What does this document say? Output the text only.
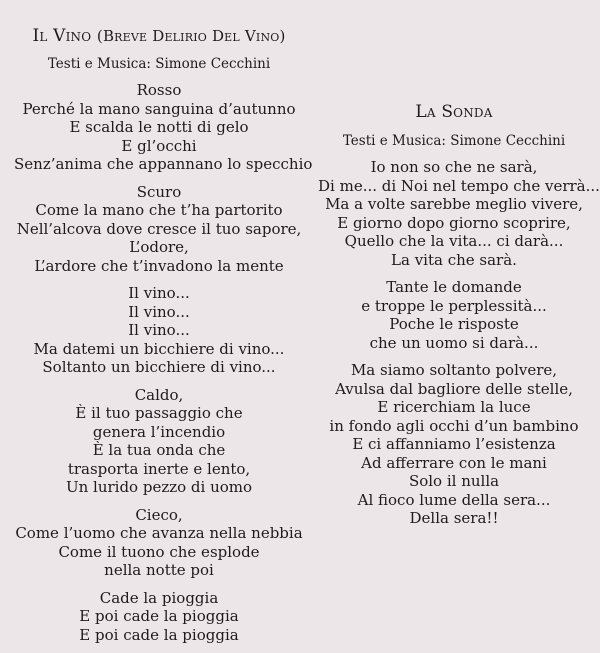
Il Vino (Breve Delirio Del Vino)
Testi e Musica: Simone Cecchini
Rosso
Perché la mano sanguina d’autunno
E scalda le notti di gelo
E gl’occhi
Senz’anima che appannano lo specchio
Scuro
Come la mano che t’ha partorito
Nell’alcova dove cresce il tuo sapore,
L’odore,
L’ardore che t’invadono la mente
Il vino...
Il vino...
Il vino...
Ma datemi un bicchiere di vino...
Soltanto un bicchiere di vino...
Caldo,
È il tuo passaggio che
genera l’incendio
È la tua onda che
trasporta inerte e lento,
Un lurido pezzo di uomo
Cieco,
Come l’uomo che avanza nella nebbia
Come il tuono che esplode
nella notte poi
Cade la pioggia
E poi cade la pioggia
E poi cade la pioggia
La Sonda
Testi e Musica: Simone Cecchini
Io non so che ne sarà,
Di me... di Noi nel tempo che verrà...
Ma a volte sarebbe meglio vivere,
E giorno dopo giorno scoprire,
Quello che la vita... ci darà...
La vita che sarà.
Tante le domande
e troppe le perplessità...
Poche le risposte
che un uomo si darà...
Ma siamo soltanto polvere,
Avulsa dal bagliore delle stelle,
E ricerchiam la luce
in fondo agli occhi d’un bambino
E ci affanniamo l’esistenza
Ad afferrare con le mani
Solo il nulla
Al fioco lume della sera...
Della sera!!
